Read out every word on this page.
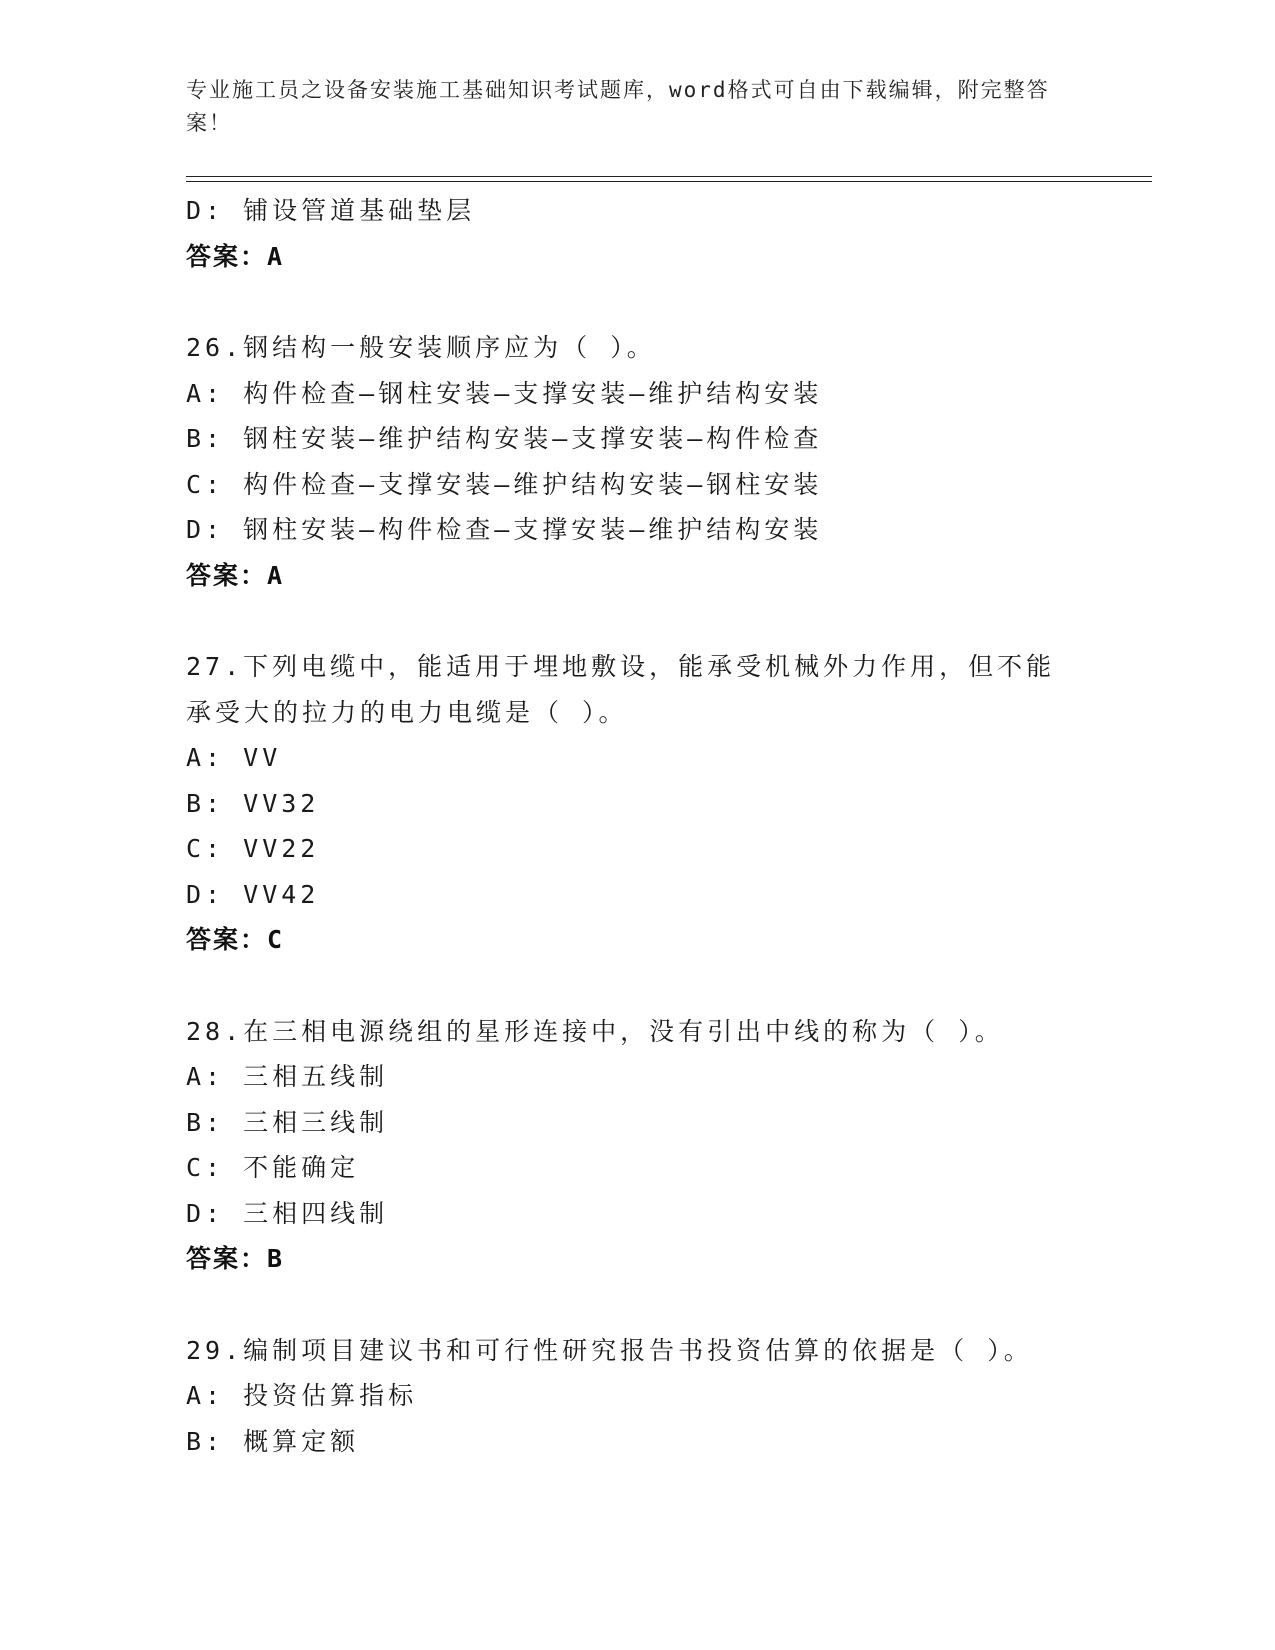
专业施工员之设备安装施工基础知识考试题库，word格式可自由下载编辑，附完整答案！
D: 铺设管道基础垫层
答案：A
26.钢结构一般安装顺序应为（ ）。
A: 构件检查—钢柱安装—支撑安装—维护结构安装
B: 钢柱安装—维护结构安装—支撑安装—构件检查
C: 构件检查—支撑安装—维护结构安装—钢柱安装
D: 钢柱安装—构件检查—支撑安装—维护结构安装
答案：A
27.下列电缆中，能适用于埋地敷设，能承受机械外力作用，但不能承受大的拉力的电力电缆是（ ）。
A: VV
B: VV32
C: VV22
D: VV42
答案：C
28.在三相电源绕组的星形连接中，没有引出中线的称为（ ）。
A: 三相五线制
B: 三相三线制
C: 不能确定
D: 三相四线制
答案：B
29.编制项目建议书和可行性研究报告书投资估算的依据是（ ）。
A: 投资估算指标
B: 概算定额
